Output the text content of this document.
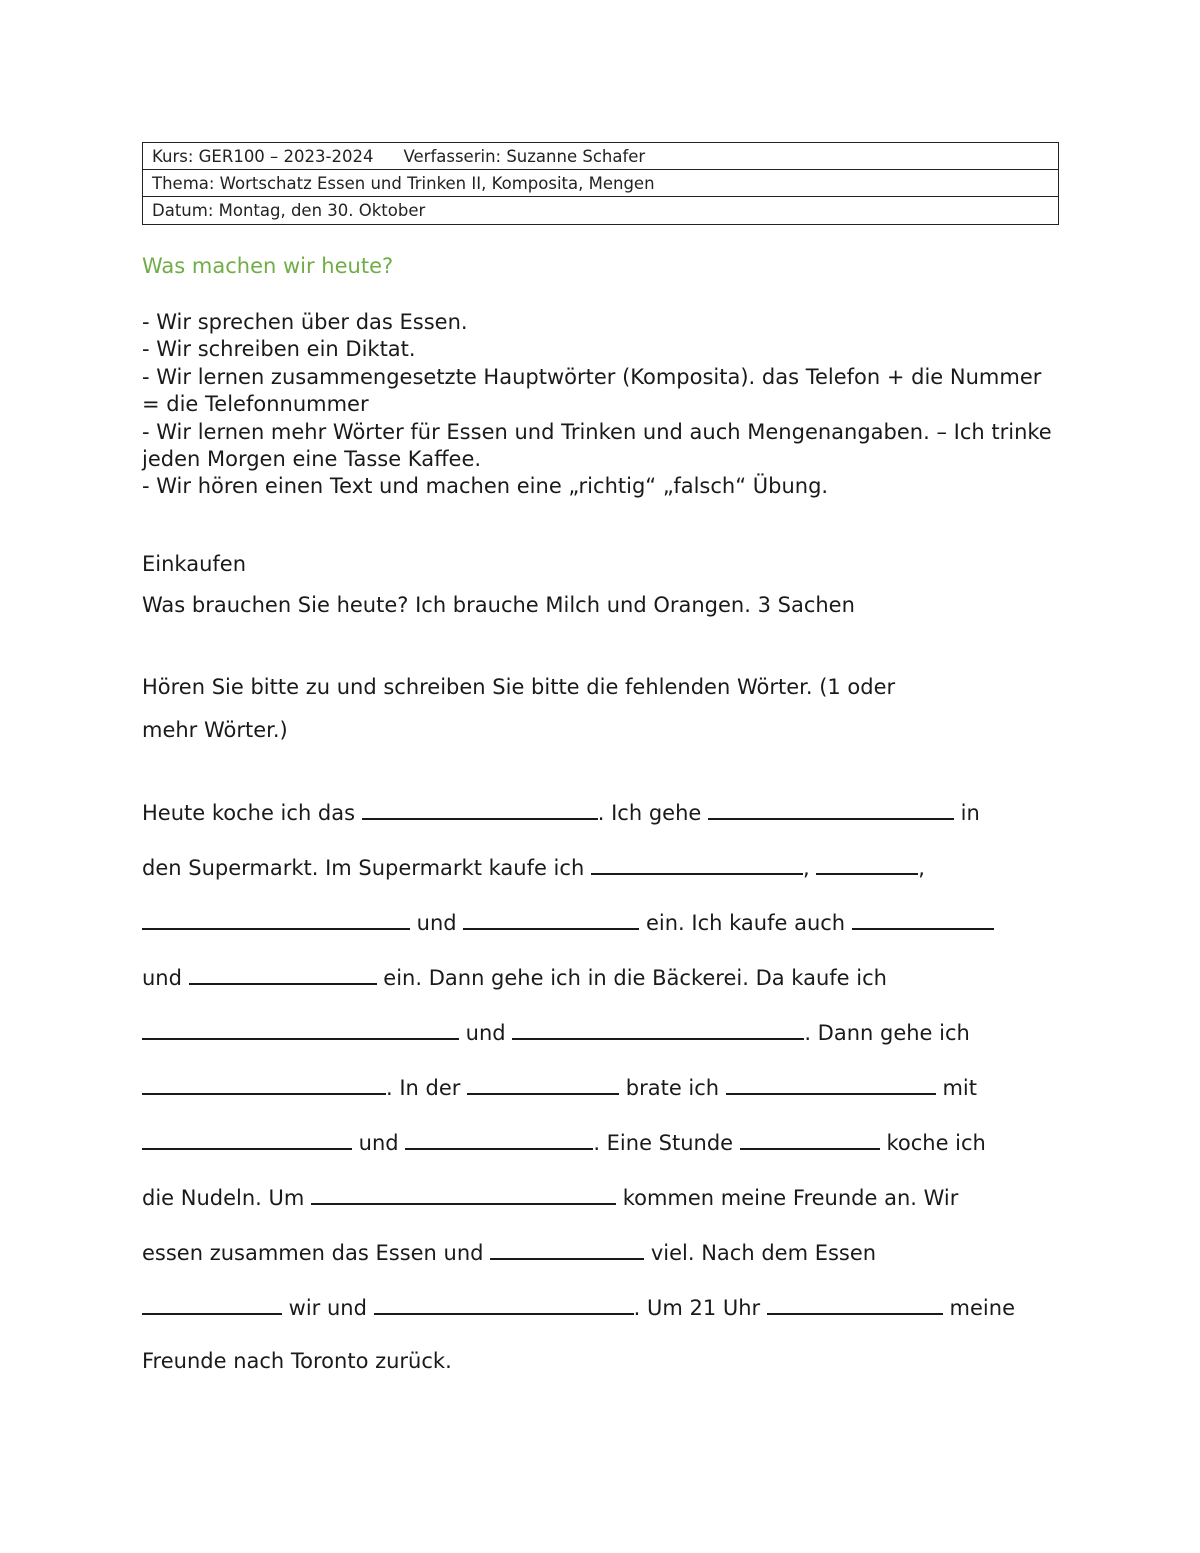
Kurs: GER100 – 2023-2024 Verfasserin: Suzanne Schafer
Thema: Wortschatz Essen und Trinken II, Komposita, Mengen
Datum: Montag, den 30. Oktober
Was machen wir heute?
- Wir sprechen über das Essen.
- Wir schreiben ein Diktat.
- Wir lernen zusammengesetzte Hauptwörter (Komposita). das Telefon + die Nummer = die Telefonnummer
- Wir lernen mehr Wörter für Essen und Trinken und auch Mengenangaben. – Ich trinke jeden Morgen eine Tasse Kaffee.
- Wir hören einen Text und machen eine „richtig“ „falsch“ Übung.
Einkaufen
Was brauchen Sie heute? Ich brauche Milch und Orangen. 3 Sachen
Hören Sie bitte zu und schreiben Sie bitte die fehlenden Wörter. (1 oder
mehr Wörter.)
Heute koche ich das	. Ich gehe	in
den Supermarkt. Im Supermarkt kaufe ich	,	,
und	ein. Ich kaufe auch
und	ein. Dann gehe ich in die Bäckerei. Da kaufe ich
und	. Dann gehe ich
. In der	brate ich	mit
und	. Eine Stunde	koche ich
die Nudeln. Um	kommen meine Freunde an. Wir
essen zusammen das Essen und	viel. Nach dem Essen
wir und	. Um 21 Uhr	meine
Freunde nach Toronto zurück.
